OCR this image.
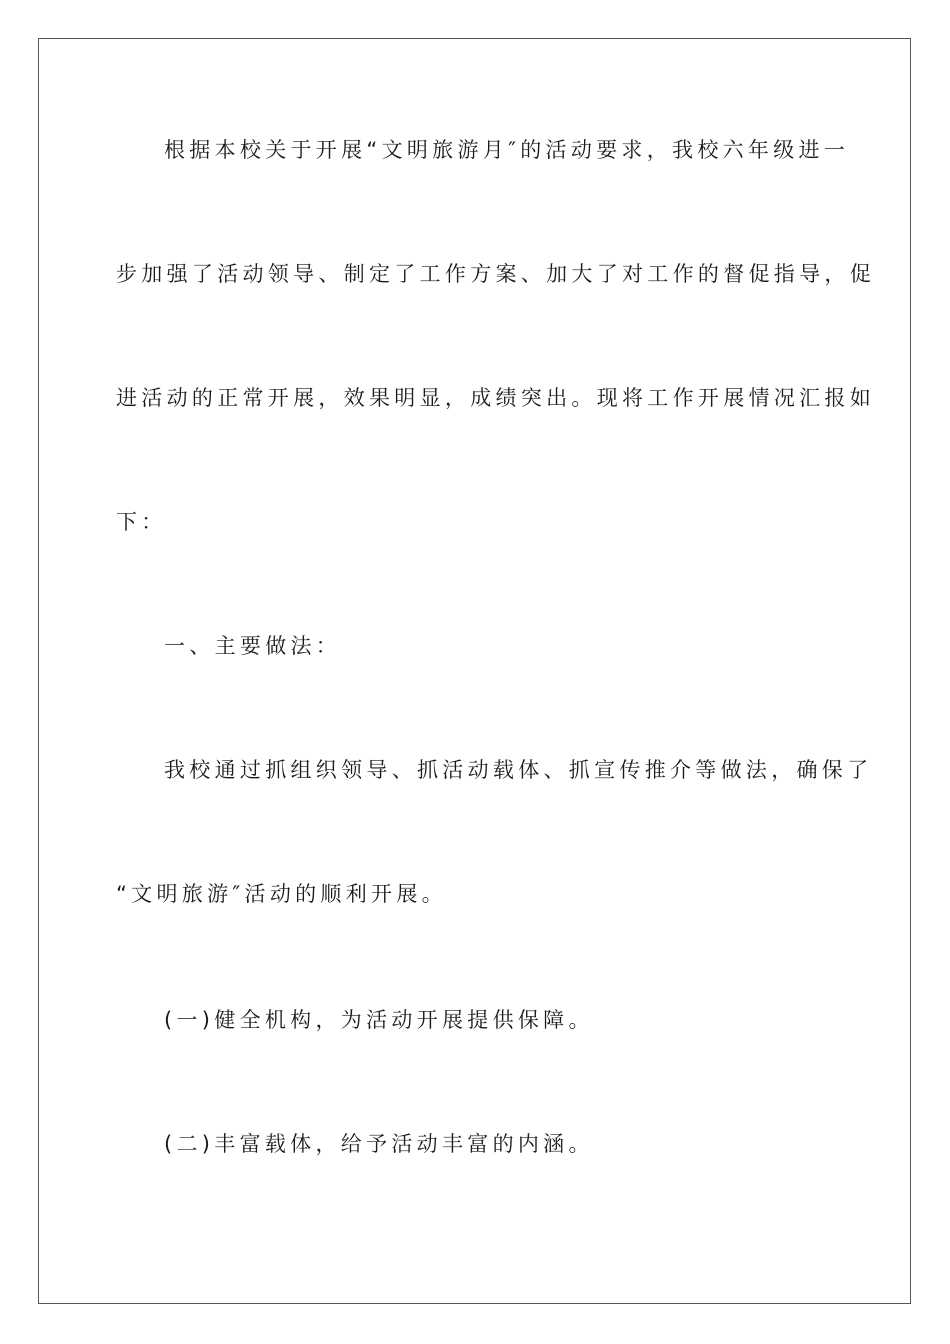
根据本校关于开展“文明旅游月″的活动要求，我校六年级进一
步加强了活动领导、制定了工作方案、加大了对工作的督促指导，促
进活动的正常开展，效果明显，成绩突出。现将工作开展情况汇报如
下：
一、主要做法：
我校通过抓组织领导、抓活动载体、抓宣传推介等做法，确保了
“文明旅游″活动的顺利开展。
(一)健全机构，为活动开展提供保障。
(二)丰富载体，给予活动丰富的内涵。
